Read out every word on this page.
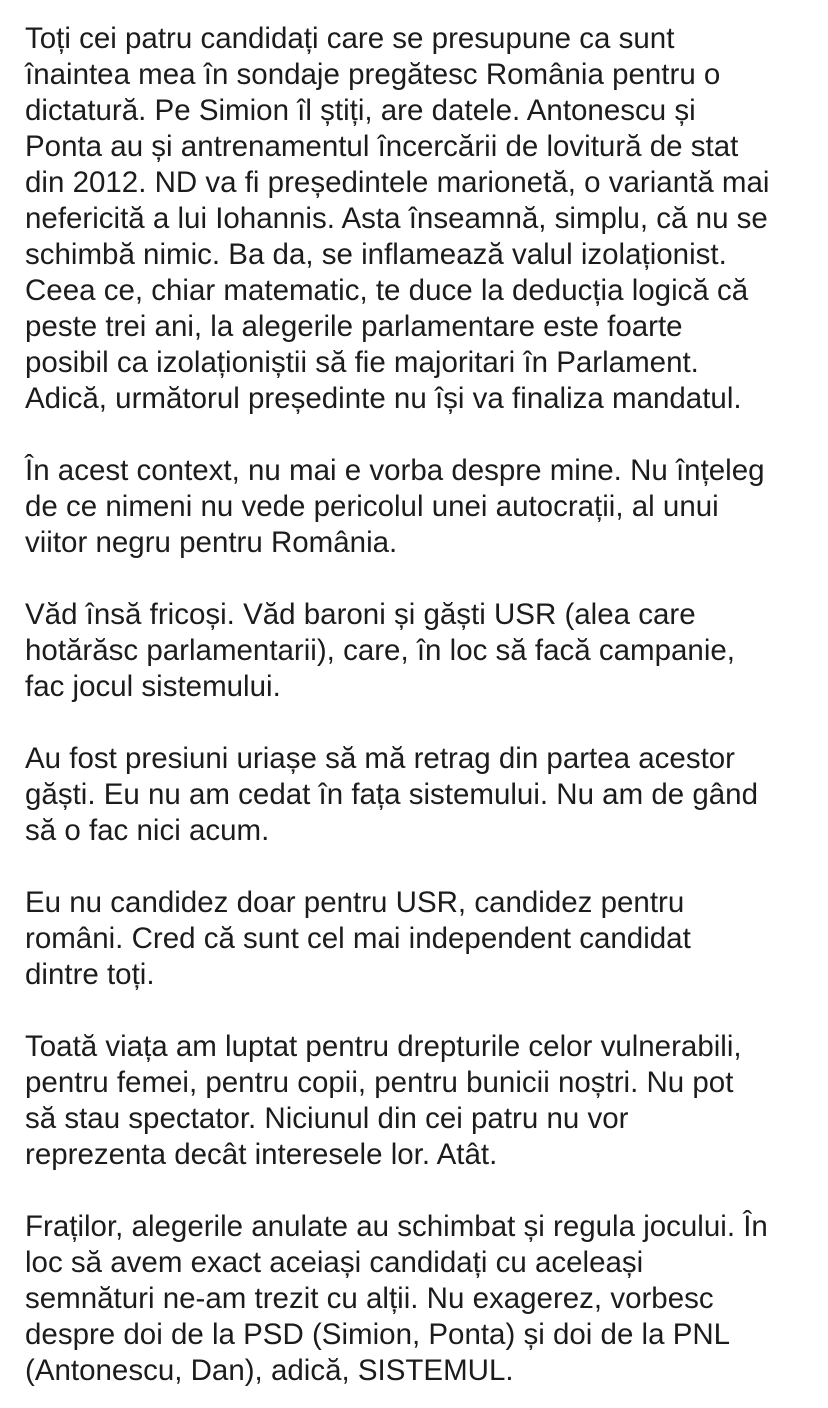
Toți cei patru candidați care se presupune ca sunt
înaintea mea în sondaje pregătesc România pentru o
dictatură. Pe Simion îl știți, are datele. Antonescu și
Ponta au și antrenamentul încercării de lovitură de stat
din 2012. ND va fi președintele marionetă, o variantă mai
nefericită a lui Iohannis. Asta înseamnă, simplu, că nu se
schimbă nimic. Ba da, se inflamează valul izolaționist.
Ceea ce, chiar matematic, te duce la deducția logică că
peste trei ani, la alegerile parlamentare este foarte
posibil ca izolaționiștii să fie majoritari în Parlament.
Adică, următorul președinte nu își va finaliza mandatul.
În acest context, nu mai e vorba despre mine. Nu înțeleg
de ce nimeni nu vede pericolul unei autocrații, al unui
viitor negru pentru România.
Văd însă fricoși. Văd baroni și găști USR (alea care
hotărăsc parlamentarii), care, în loc să facă campanie,
fac jocul sistemului.
Au fost presiuni uriașe să mă retrag din partea acestor
găști. Eu nu am cedat în fața sistemului. Nu am de gând
să o fac nici acum.
Eu nu candidez doar pentru USR, candidez pentru
români. Cred că sunt cel mai independent candidat
dintre toți.
Toată viața am luptat pentru drepturile celor vulnerabili,
pentru femei, pentru copii, pentru bunicii noștri. Nu pot
să stau spectator. Niciunul din cei patru nu vor
reprezenta decât interesele lor. Atât.
Fraților, alegerile anulate au schimbat și regula jocului. În
loc să avem exact aceiași candidați cu aceleași
semnături ne-am trezit cu alții. Nu exagerez, vorbesc
despre doi de la PSD (Simion, Ponta) și doi de la PNL
(Antonescu, Dan), adică, SISTEMUL.
